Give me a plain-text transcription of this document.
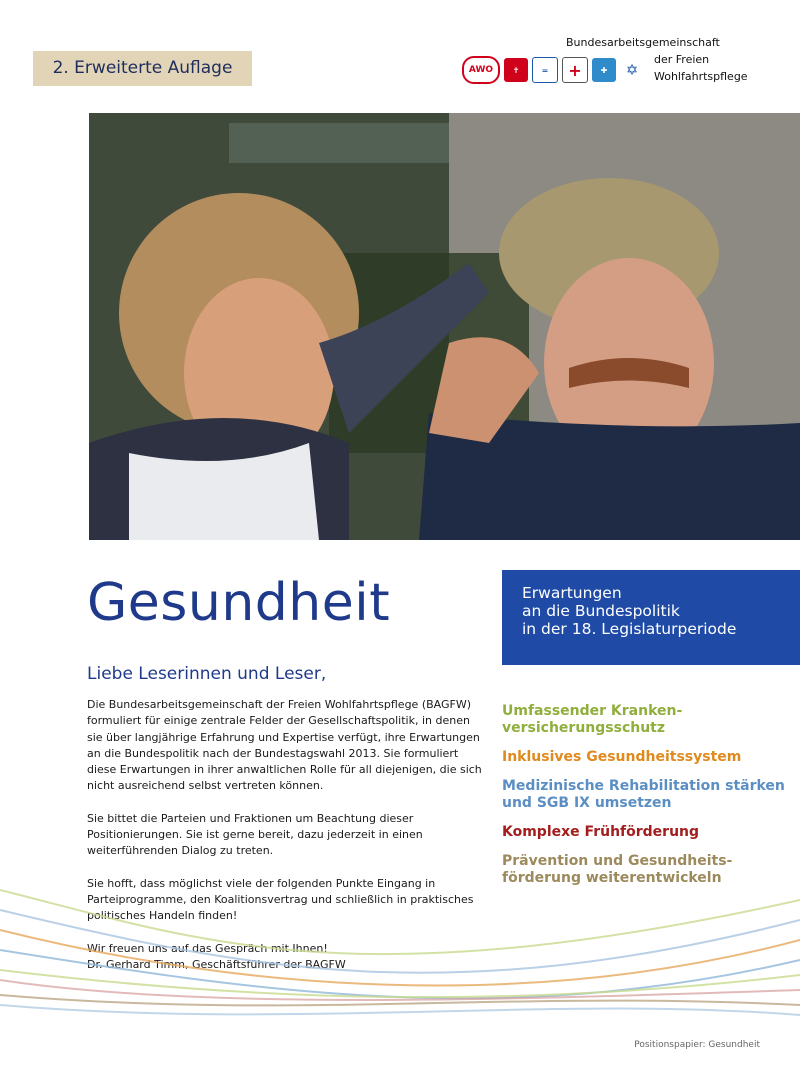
2. Erweiterte Auflage
Bundesarbeitsgemeinschaft
der Freien
Wohlfahrtspflege
AWO	✝	=	+	✚	✡
Gesundheit	Erwartungen
an die Bundespolitik
in der 18. Legislaturperiode
Liebe Leserinnen und Leser,

Die Bundesarbeitsgemeinschaft der Freien Wohlfahrtspflege (BAGFW) formuliert für einige zentrale Felder der Gesellschaftspolitik, in denen sie über langjährige Erfahrung und Expertise verfügt, ihre Erwartungen an die Bundespolitik nach der Bundestagswahl 2013. Sie formuliert diese Erwartungen in ihrer anwaltlichen Rolle für all diejenigen, die sich nicht ausreichend selbst vertreten können.

Sie bittet die Parteien und Fraktionen um Beachtung dieser Positionierungen. Sie ist gerne bereit, dazu jederzeit in einen weiterführenden Dialog zu treten.

Sie hofft, dass möglichst viele der folgenden Punkte Eingang in Parteiprogramme, den Koalitionsvertrag und schließlich in praktisches politisches Handeln finden!

Wir freuen uns auf das Gespräch mit Ihnen!

Dr. Gerhard Timm, Geschäftsführer der BAGFW

Umfassender Kranken-
versicherungsschutz
Inklusives Gesundheitssystem
Medizinische Rehabilitation stärken
und SGB IX umsetzen
Komplexe Frühförderung
Prävention und Gesundheits-
förderung weiterentwickeln
Positionspapier: Gesundheit
